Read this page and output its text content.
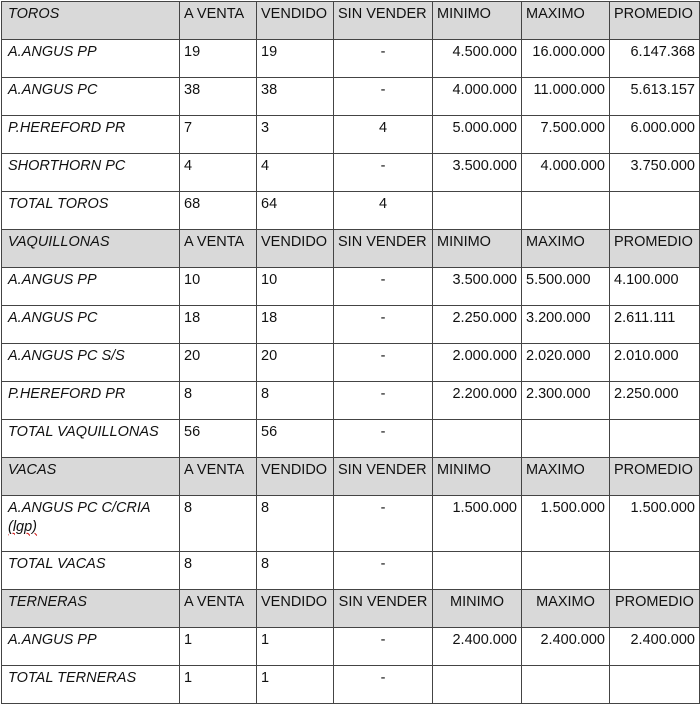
TOROS	A VENTA	VENDIDO	SIN VENDER	MINIMO	MAXIMO	PROMEDIO
A.ANGUS PP	19	19	-	4.500.000	16.000.000	6.147.368
A.ANGUS PC	38	38	-	4.000.000	11.000.000	5.613.157
P.HEREFORD PR	7	3	4	5.000.000	7.500.000	6.000.000
SHORTHORN PC	4	4	-	3.500.000	4.000.000	3.750.000
TOTAL TOROS	68	64	4			
VAQUILLONAS	A VENTA	VENDIDO	SIN VENDER	MINIMO	MAXIMO	PROMEDIO
A.ANGUS PP	10	10	-	3.500.000	5.500.000	4.100.000
A.ANGUS PC	18	18	-	2.250.000	3.200.000	2.611.111
A.ANGUS PC S/S	20	20	-	2.000.000	2.020.000	2.010.000
P.HEREFORD PR	8	8	-	2.200.000	2.300.000	2.250.000
TOTAL VAQUILLONAS	56	56	-			
VACAS	A VENTA	VENDIDO	SIN VENDER	MINIMO	MAXIMO	PROMEDIO
A.ANGUS PC C/CRIA
(lgp)	8	8	-	1.500.000	1.500.000	1.500.000
TOTAL VACAS	8	8	-			
TERNERAS	A VENTA	VENDIDO	SIN VENDER	MINIMO	MAXIMO	PROMEDIO
A.ANGUS PP	1	1	-	2.400.000	2.400.000	2.400.000
TOTAL TERNERAS	1	1	-			
